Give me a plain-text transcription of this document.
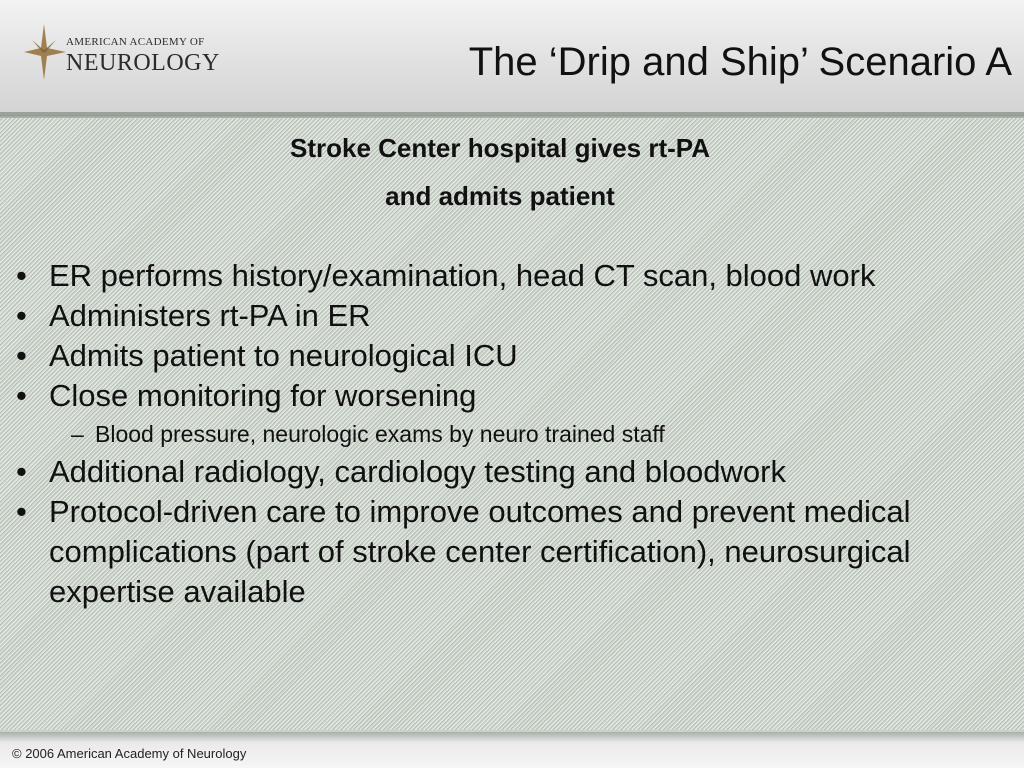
AMERICAN ACADEMY OF
NEUROLOGY	The ‘Drip and Ship’ Scenario A
Stroke Center hospital gives rt-PA
and admits patient
• ER performs history/examination, head CT scan, blood work
• Administers rt-PA in ER
• Admits patient to neurological ICU
• Close monitoring for worsening
– Blood pressure, neurologic exams by neuro trained staff
• Additional radiology, cardiology testing and bloodwork
• Protocol-driven care to improve outcomes and prevent medical complications (part of stroke center certification), neurosurgical expertise available
© 2006 American Academy of Neurology
